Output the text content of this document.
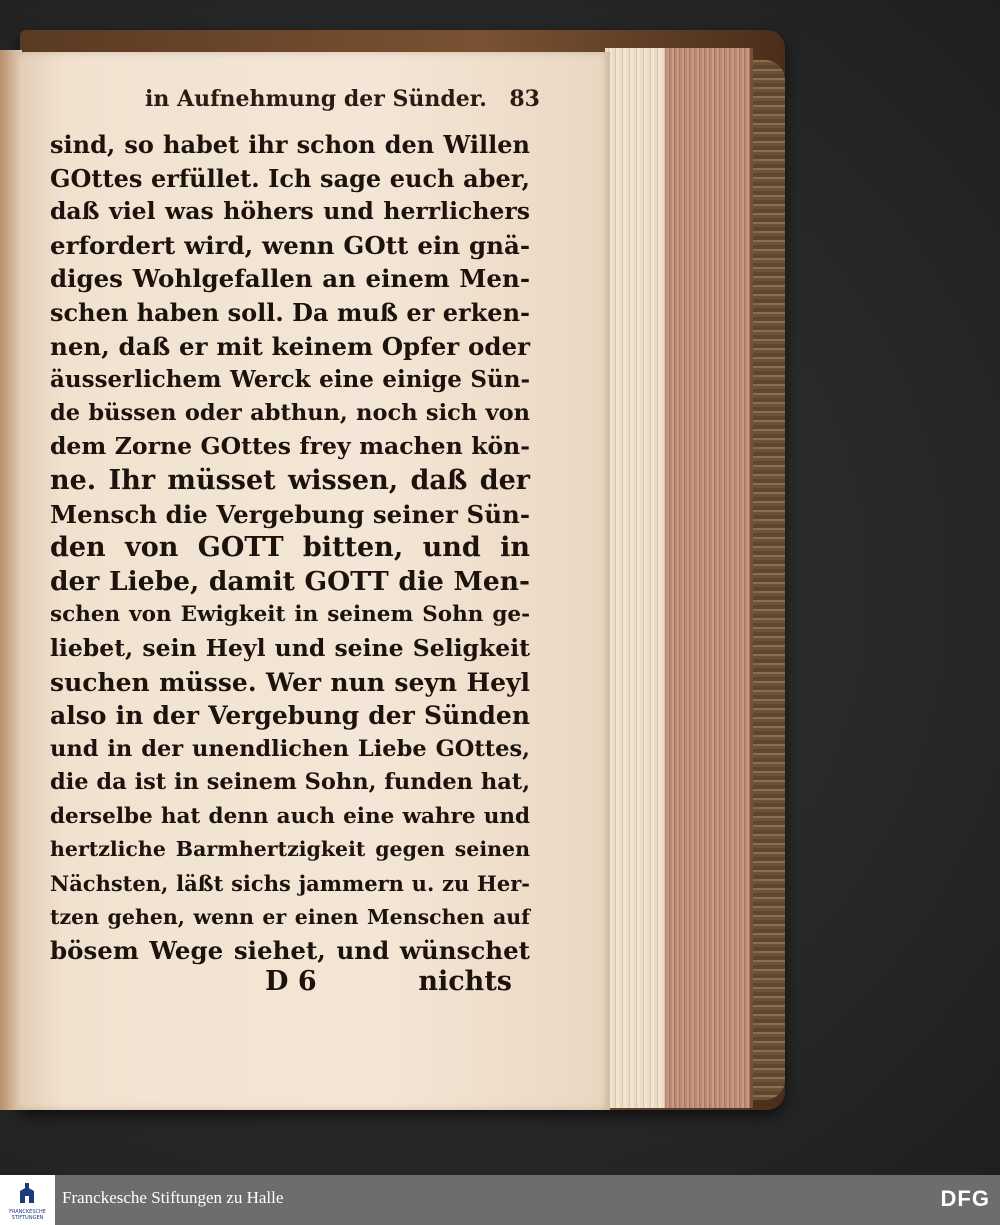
in Aufnehmung der Sünder. 83
sind, so habet ihr schon den Willen
GOttes erfüllet. Ich sage euch aber,
daß viel was höhers und herrlichers
erfordert wird, wenn GOtt ein gnä-
diges Wohlgefallen an einem Men-
schen haben soll. Da muß er erken-
nen, daß er mit keinem Opfer oder
äusserlichem Werck eine einige Sün-
de büssen oder abthun, noch sich von
dem Zorne GOttes frey machen kön-
ne. Ihr müsset wissen, daß der
Mensch die Vergebung seiner Sün-
den von GOTT bitten, und in
der Liebe, damit GOTT die Men-
schen von Ewigkeit in seinem Sohn ge-
liebet, sein Heyl und seine Seligkeit
suchen müsse. Wer nun seyn Heyl
also in der Vergebung der Sünden
und in der unendlichen Liebe GOttes,
die da ist in seinem Sohn, funden hat,
derselbe hat denn auch eine wahre und
hertzliche Barmhertzigkeit gegen seinen
Nächsten, läßt sichs jammern u. zu Her-
tzen gehen, wenn er einen Menschen auf
bösem Wege siehet, und wünschet
D 6	nichts
FRANCKESCHE STIFTUNGEN
Franckesche Stiftungen zu Halle	DFG
